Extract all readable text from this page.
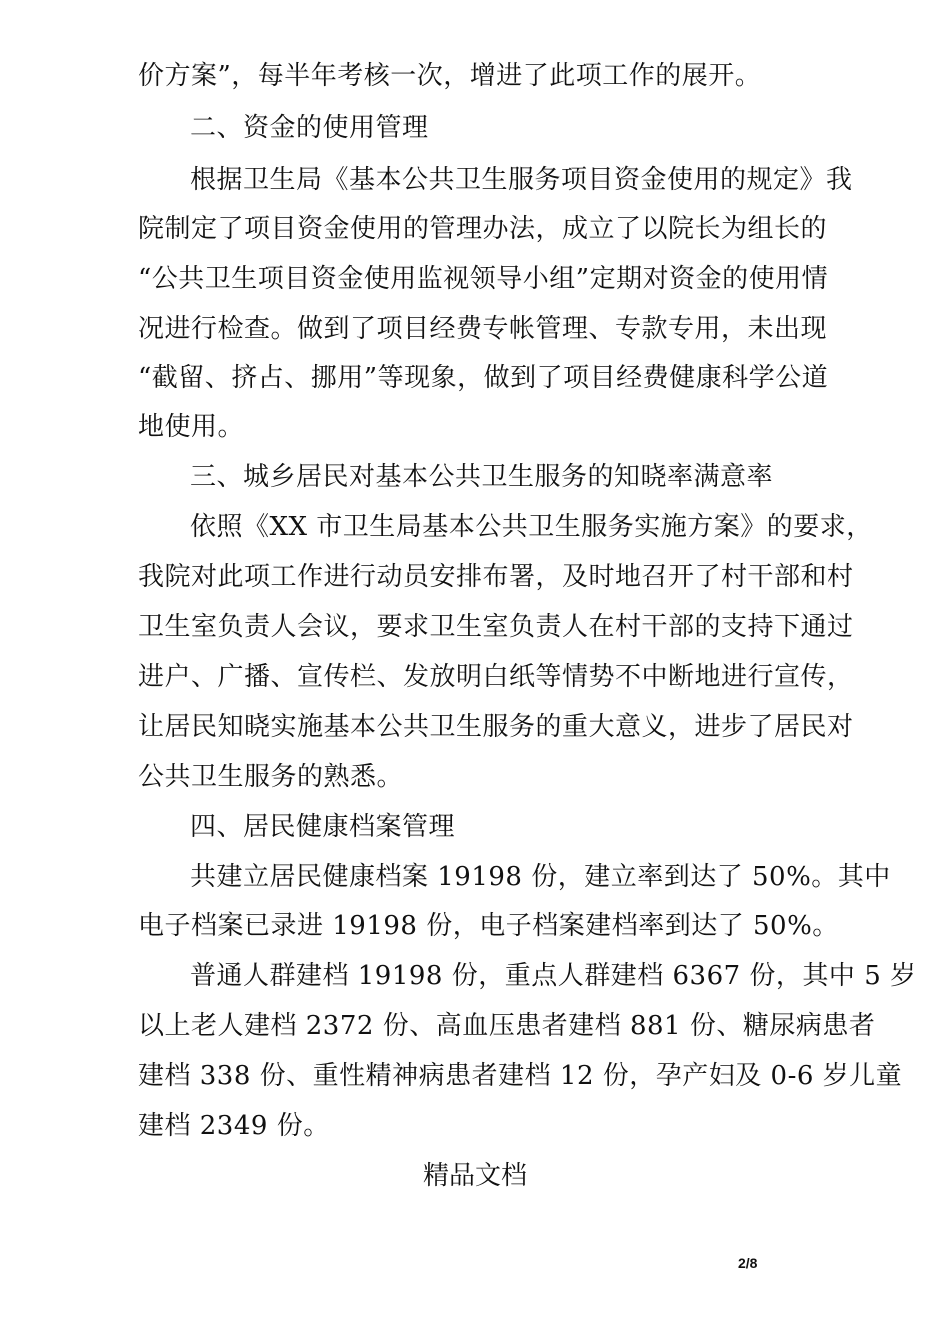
价方案”，每半年考核一次，增进了此项工作的展开。
二、资金的使用管理
根据卫生局《基本公共卫生服务项目资金使用的规定》我
院制定了项目资金使用的管理办法，成立了以院长为组长的
“公共卫生项目资金使用监视领导小组”定期对资金的使用情
况进行检查。做到了项目经费专帐管理、专款专用，未出现
“截留、挤占、挪用”等现象，做到了项目经费健康科学公道
地使用。
三、城乡居民对基本公共卫生服务的知晓率满意率
依照《XX 市卫生局基本公共卫生服务实施方案》的要求，
我院对此项工作进行动员安排布署，及时地召开了村干部和村
卫生室负责人会议，要求卫生室负责人在村干部的支持下通过
进户、广播、宣传栏、发放明白纸等情势不中断地进行宣传，
让居民知晓实施基本公共卫生服务的重大意义，进步了居民对
公共卫生服务的熟悉。
四、居民健康档案管理
共建立居民健康档案 19198 份，建立率到达了 50%。其中
电子档案已录进 19198 份，电子档案建档率到达了 50%。
普通人群建档 19198 份，重点人群建档 6367 份，其中 5 岁
以上老人建档 2372 份、高血压患者建档 881 份、糖尿病患者
建档 338 份、重性精神病患者建档 12 份，孕产妇及 0-6 岁儿童
建档 2349 份。
精品文档
2/8
